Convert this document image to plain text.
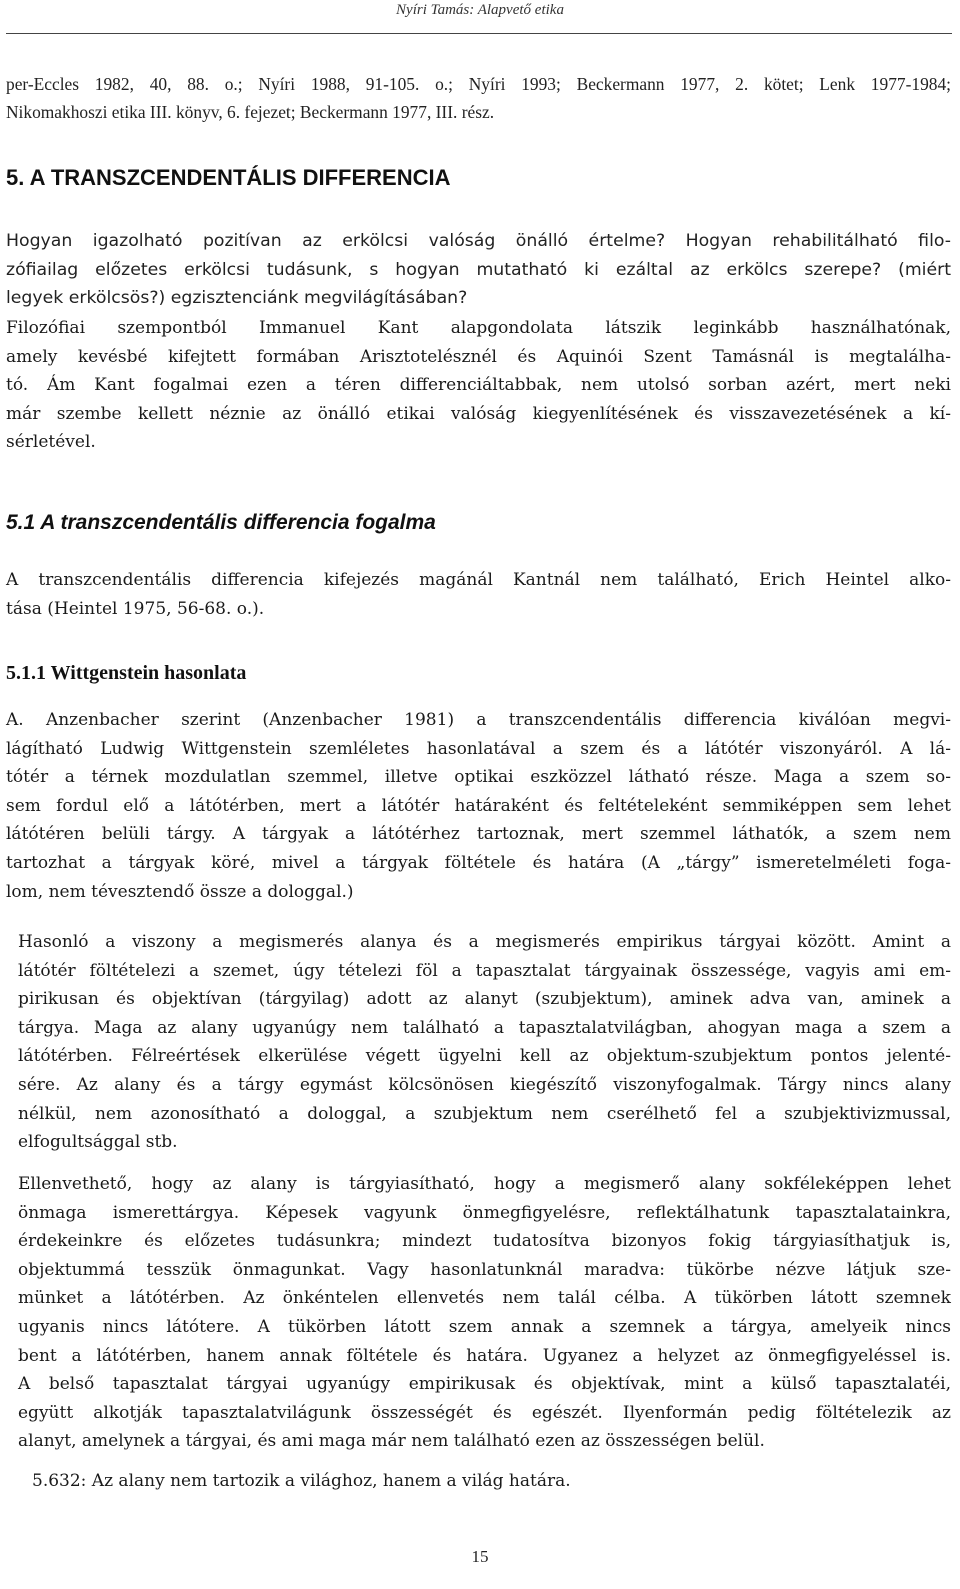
Nyíri Tamás: Alapvető etika
per-Eccles 1982, 40, 88. o.; Nyíri 1988, 91-105. o.; Nyíri 1993; Beckermann 1977, 2. kötet; Lenk 1977-1984;
Nikomakhoszi etika III. könyv, 6. fejezet; Beckermann 1977, III. rész.
5. A TRANSZCENDENTÁLIS DIFFERENCIA
Hogyan igazolható pozitívan az erkölcsi valóság önálló értelme? Hogyan rehabilitálható filo-
zófiailag előzetes erkölcsi tudásunk, s hogyan mutatható ki ezáltal az erkölcs szerepe? (miért
legyek erkölcsös?) egzisztenciánk megvilágításában?
Filozófiai szempontból Immanuel Kant alapgondolata látszik leginkább használhatónak,
amely kevésbé kifejtett formában Arisztotelésznél és Aquinói Szent Tamásnál is megtalálha-
tó. Ám Kant fogalmai ezen a téren differenciáltabbak, nem utolsó sorban azért, mert neki
már szembe kellett néznie az önálló etikai valóság kiegyenlítésének és visszavezetésének a kí-
sérletével.
5.1 A transzcendentális differencia fogalma
A transzcendentális differencia kifejezés magánál Kantnál nem található, Erich Heintel alko-
tása (Heintel 1975, 56-68. o.).
5.1.1 Wittgenstein hasonlata
A. Anzenbacher szerint (Anzenbacher 1981) a transzcendentális differencia kiválóan megvi-
lágítható Ludwig Wittgenstein szemléletes hasonlatával a szem és a látótér viszonyáról. A lá-
tótér a térnek mozdulatlan szemmel, illetve optikai eszközzel látható része. Maga a szem so-
sem fordul elő a látótérben, mert a látótér határaként és feltételeként semmiképpen sem lehet
látótéren belüli tárgy. A tárgyak a látótérhez tartoznak, mert szemmel láthatók, a szem nem
tartozhat a tárgyak köré, mivel a tárgyak föltétele és határa (A „tárgy” ismeretelméleti foga-
lom, nem tévesztendő össze a dologgal.)
Hasonló a viszony a megismerés alanya és a megismerés empirikus tárgyai között. Amint a
látótér föltételezi a szemet, úgy tételezi föl a tapasztalat tárgyainak összessége, vagyis ami em-
pirikusan és objektívan (tárgyilag) adott az alanyt (szubjektum), aminek adva van, aminek a
tárgya. Maga az alany ugyanúgy nem található a tapasztalatvilágban, ahogyan maga a szem a
látótérben. Félreértések elkerülése végett ügyelni kell az objektum-szubjektum pontos jelenté-
sére. Az alany és a tárgy egymást kölcsönösen kiegészítő viszonyfogalmak. Tárgy nincs alany
nélkül, nem azonosítható a dologgal, a szubjektum nem cserélhető fel a szubjektivizmussal,
elfogultsággal stb.
Ellenvethető, hogy az alany is tárgyiasítható, hogy a megismerő alany sokféleképpen lehet
önmaga ismerettárgya. Képesek vagyunk önmegfigyelésre, reflektálhatunk tapasztalatainkra,
érdekeinkre és előzetes tudásunkra; mindezt tudatosítva bizonyos fokig tárgyiasíthatjuk is,
objektummá tesszük önmagunkat. Vagy hasonlatunknál maradva: tükörbe nézve látjuk sze-
münket a látótérben. Az önkéntelen ellenvetés nem talál célba. A tükörben látott szemnek
ugyanis nincs látótere. A tükörben látott szem annak a szemnek a tárgya, amelyeik nincs
bent a látótérben, hanem annak föltétele és határa. Ugyanez a helyzet az önmegfigyeléssel is.
A belső tapasztalat tárgyai ugyanúgy empirikusak és objektívak, mint a külső tapasztalatéi,
együtt alkotják tapasztalatvilágunk összességét és egészét. Ilyenformán pedig föltételezik az
alanyt, amelynek a tárgyai, és ami maga már nem található ezen az összességen belül.
5.632: Az alany nem tartozik a világhoz, hanem a világ határa.
15
